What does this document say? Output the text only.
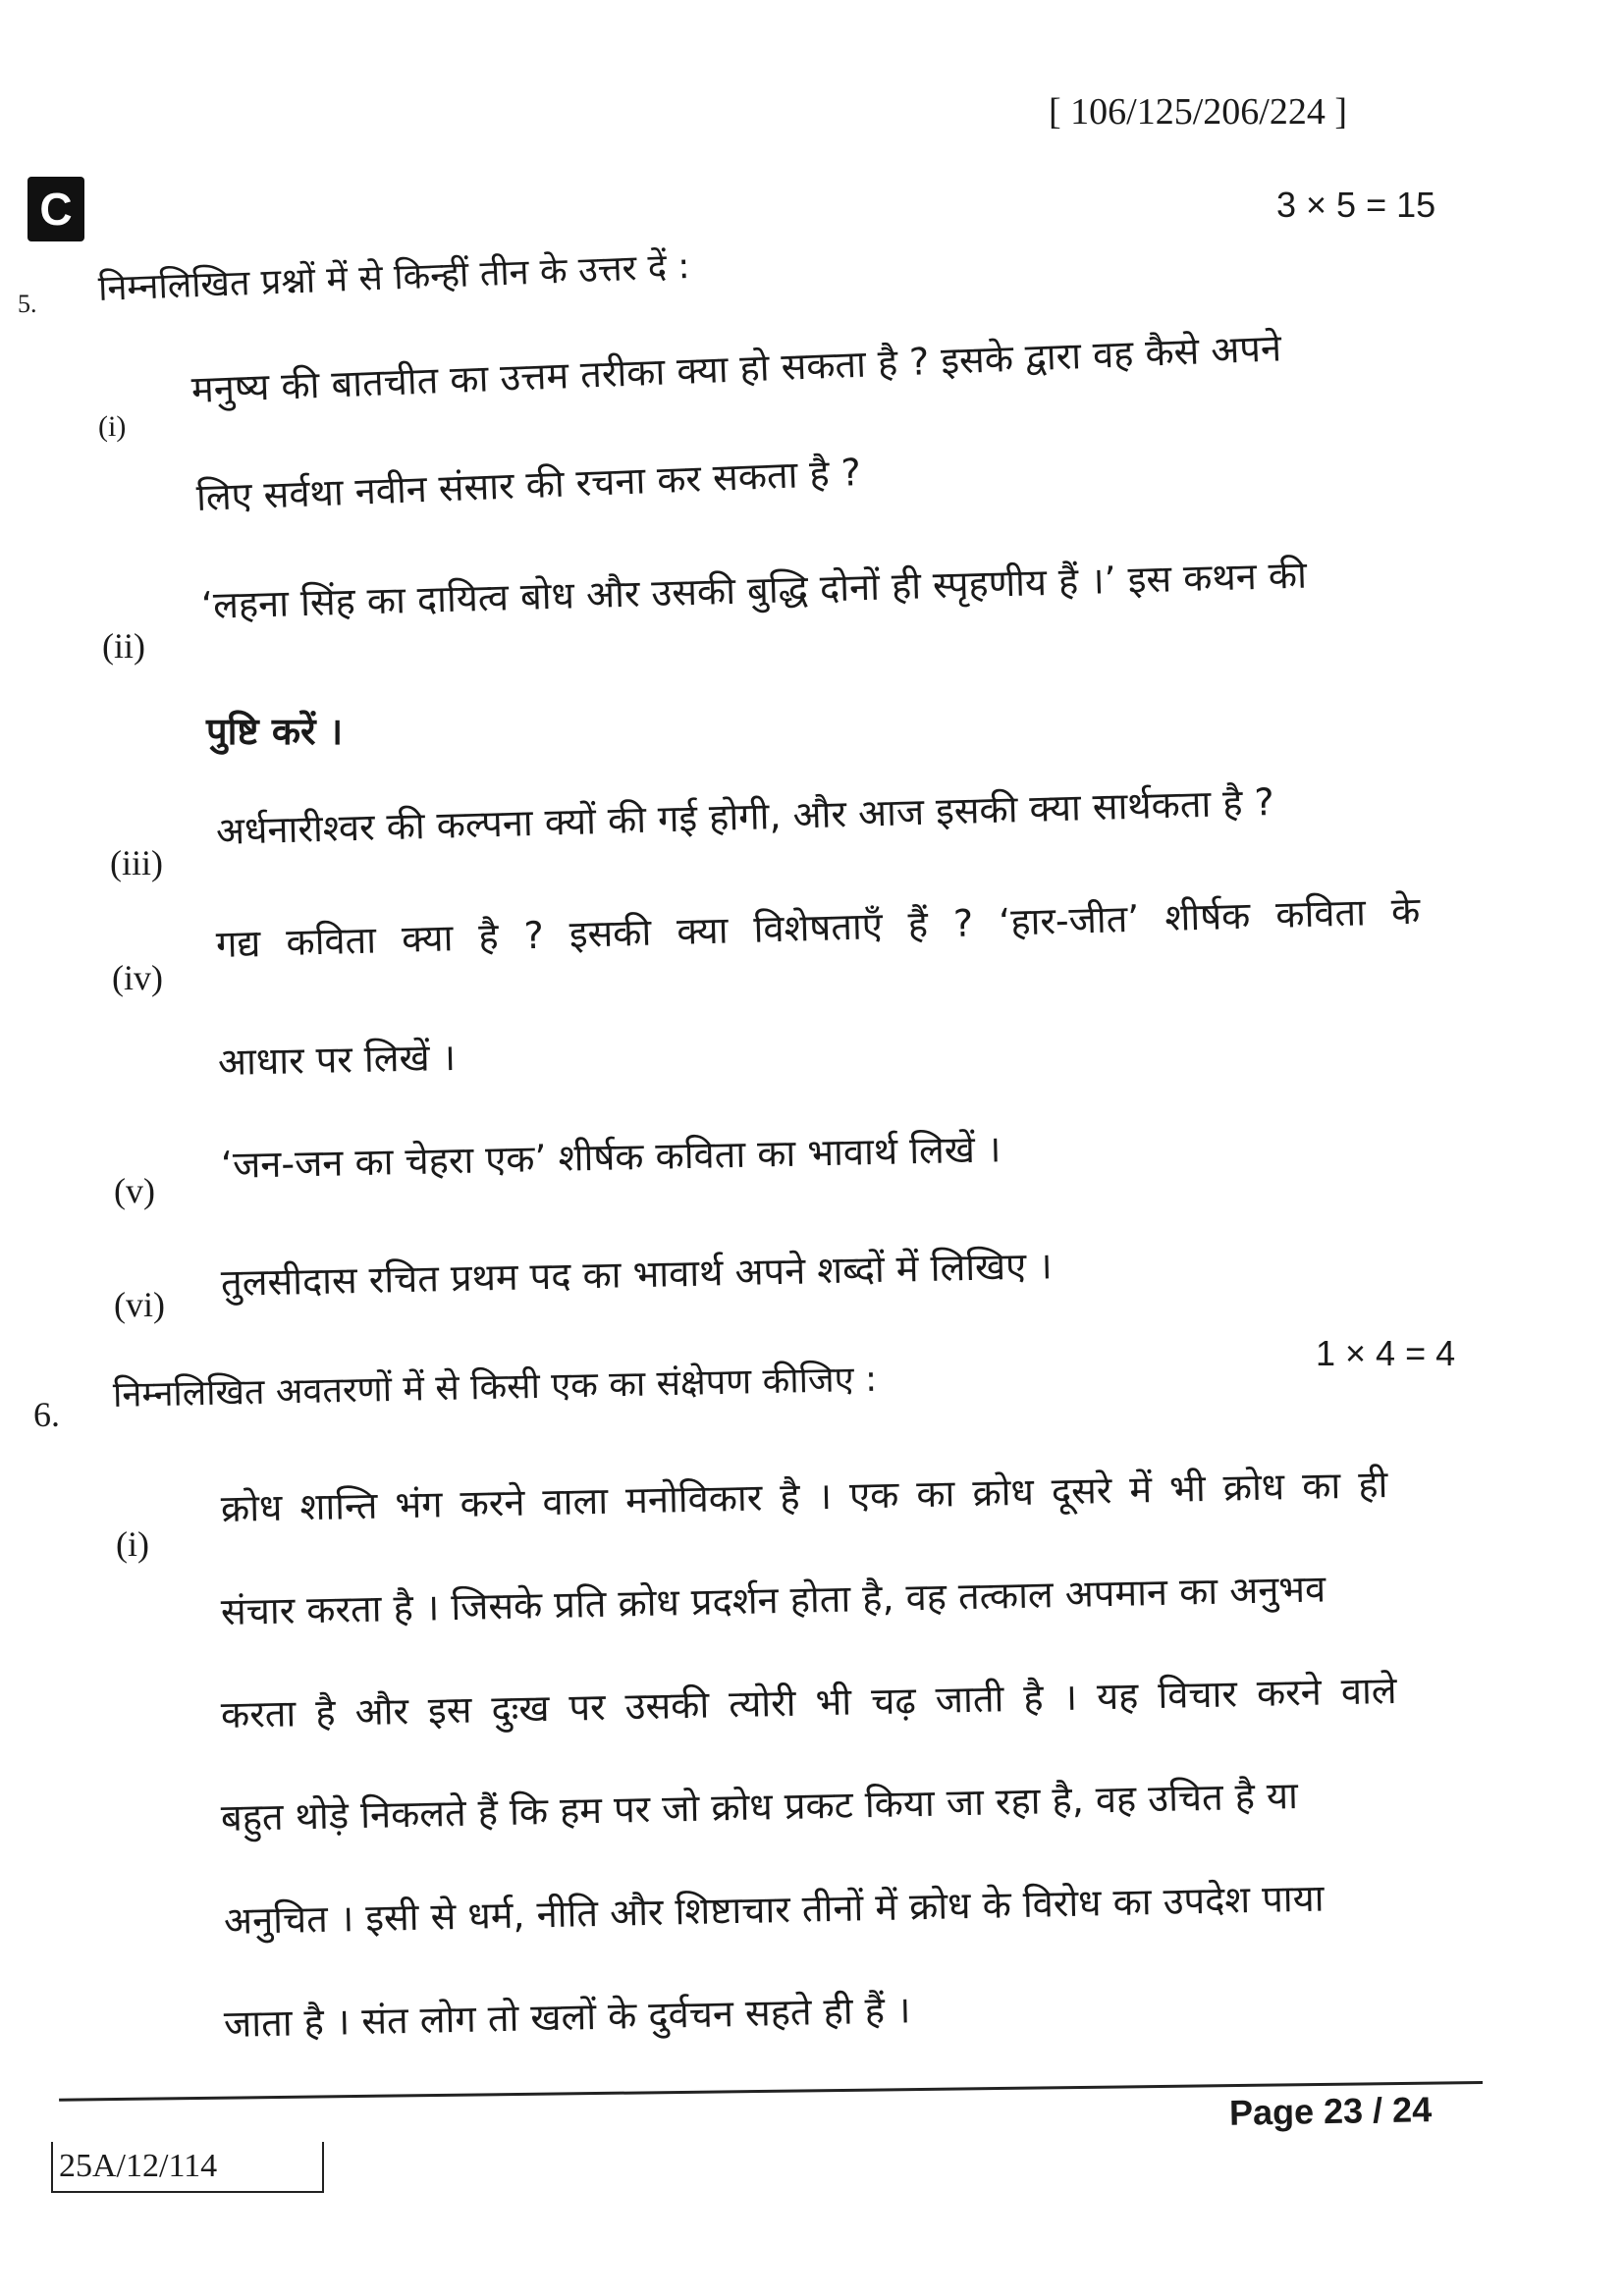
[ 106/125/206/224 ]
C	3 × 5 = 15
5. निम्नलिखित प्रश्नों में से किन्हीं तीन के उत्तर दें :
(i)
मनुष्य की बातचीत का उत्तम तरीका क्या हो सकता है ? इसके द्वारा वह कैसे अपने
लिए सर्वथा नवीन संसार की रचना कर सकता है ?
(ii)
‘लहना सिंह का दायित्व बोध और उसकी बुद्धि दोनों ही स्पृहणीय हैं ।’ इस कथन की
पुष्टि करें ।
(iii)
अर्धनारीश्वर की कल्पना क्यों की गई होगी, और आज इसकी क्या सार्थकता है ?
(iv)
गद्य कविता क्या है ? इसकी क्या विशेषताएँ हैं ? ‘हार-जीत’ शीर्षक कविता के
आधार पर लिखें ।
(v)
‘जन-जन का चेहरा एक’ शीर्षक कविता का भावार्थ लिखें ।
(vi)
तुलसीदास रचित प्रथम पद का भावार्थ अपने शब्दों में लिखिए ।
1 × 4 = 4
6. निम्नलिखित अवतरणों में से किसी एक का संक्षेपण कीजिए :
(i)
क्रोध शान्ति भंग करने वाला मनोविकार है । एक का क्रोध दूसरे में भी क्रोध का ही
संचार करता है । जिसके प्रति क्रोध प्रदर्शन होता है, वह तत्काल अपमान का अनुभव
करता है और इस दुःख पर उसकी त्योरी भी चढ़ जाती है । यह विचार करने वाले
बहुत थोड़े निकलते हैं कि हम पर जो क्रोध प्रकट किया जा रहा है, वह उचित है या
अनुचित । इसी से धर्म, नीति और शिष्टाचार तीनों में क्रोध के विरोध का उपदेश पाया
जाता है । संत लोग तो खलों के दुर्वचन सहते ही हैं ।
Page 23 / 24
25A/12/114
